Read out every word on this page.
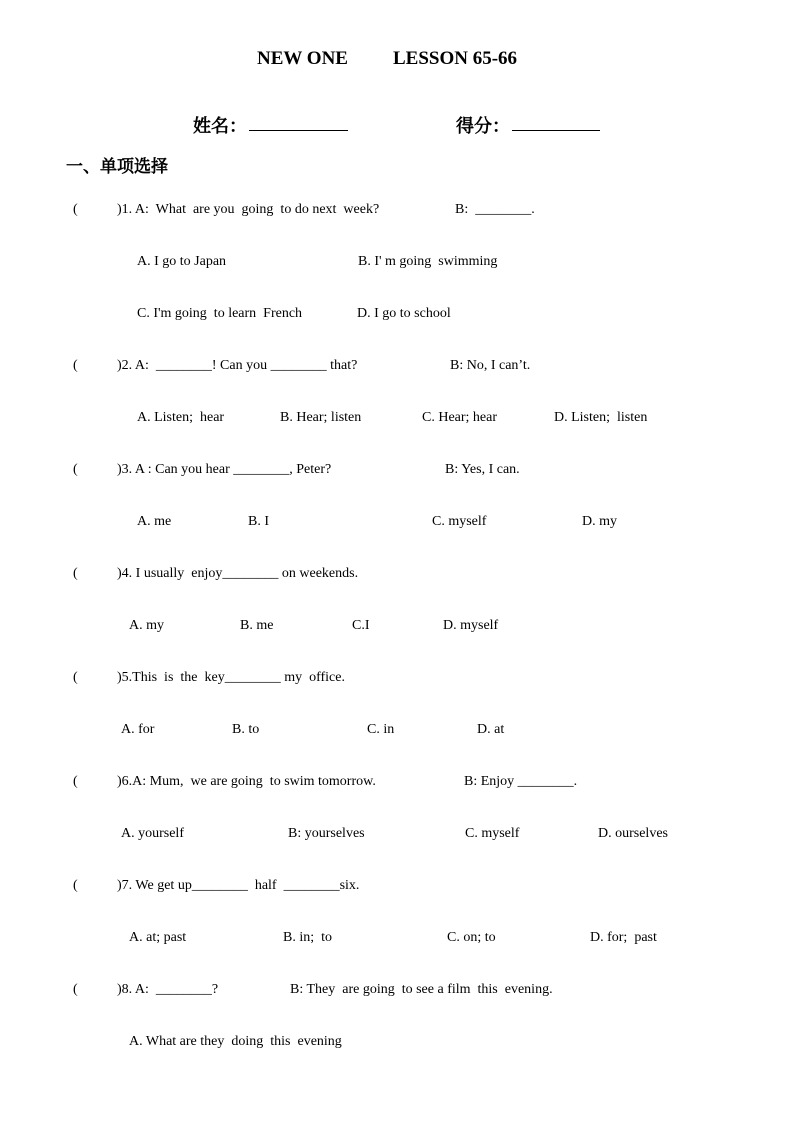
NEW ONE LESSON 65-66
姓名：	得分：
一、单项选择
(	)1. A:  What  are you  going  to do next  week?	B:  ________.
A. I go to Japan	B. I' m going  swimming
C. I'm going  to learn  French	D. I go to school
(	)2. A:  ________! Can you ________ that?	B: No, I can’t.
A. Listen;  hear	B. Hear; listen	C. Hear; hear	D. Listen;  listen
(	)3. A : Can you hear ________, Peter?	B: Yes, I can.
A. me	B. I	C. myself	D. my
(	)4. I usually  enjoy________ on weekends.
A. my	B. me	C.I	D. myself
(	)5.This  is  the  key________ my  office.
A. for	B. to	C. in	D. at
(	)6.A: Mum,  we are going  to swim tomorrow.	B: Enjoy ________.
A. yourself	B: yourselves	C. myself	D. ourselves
(	)7. We get up________  half  ________six.
A. at; past	B. in;  to	C. on; to	D. for;  past
(	)8. A:  ________?	B: They  are going  to see a film  this  evening.
A. What are they  doing  this  evening
